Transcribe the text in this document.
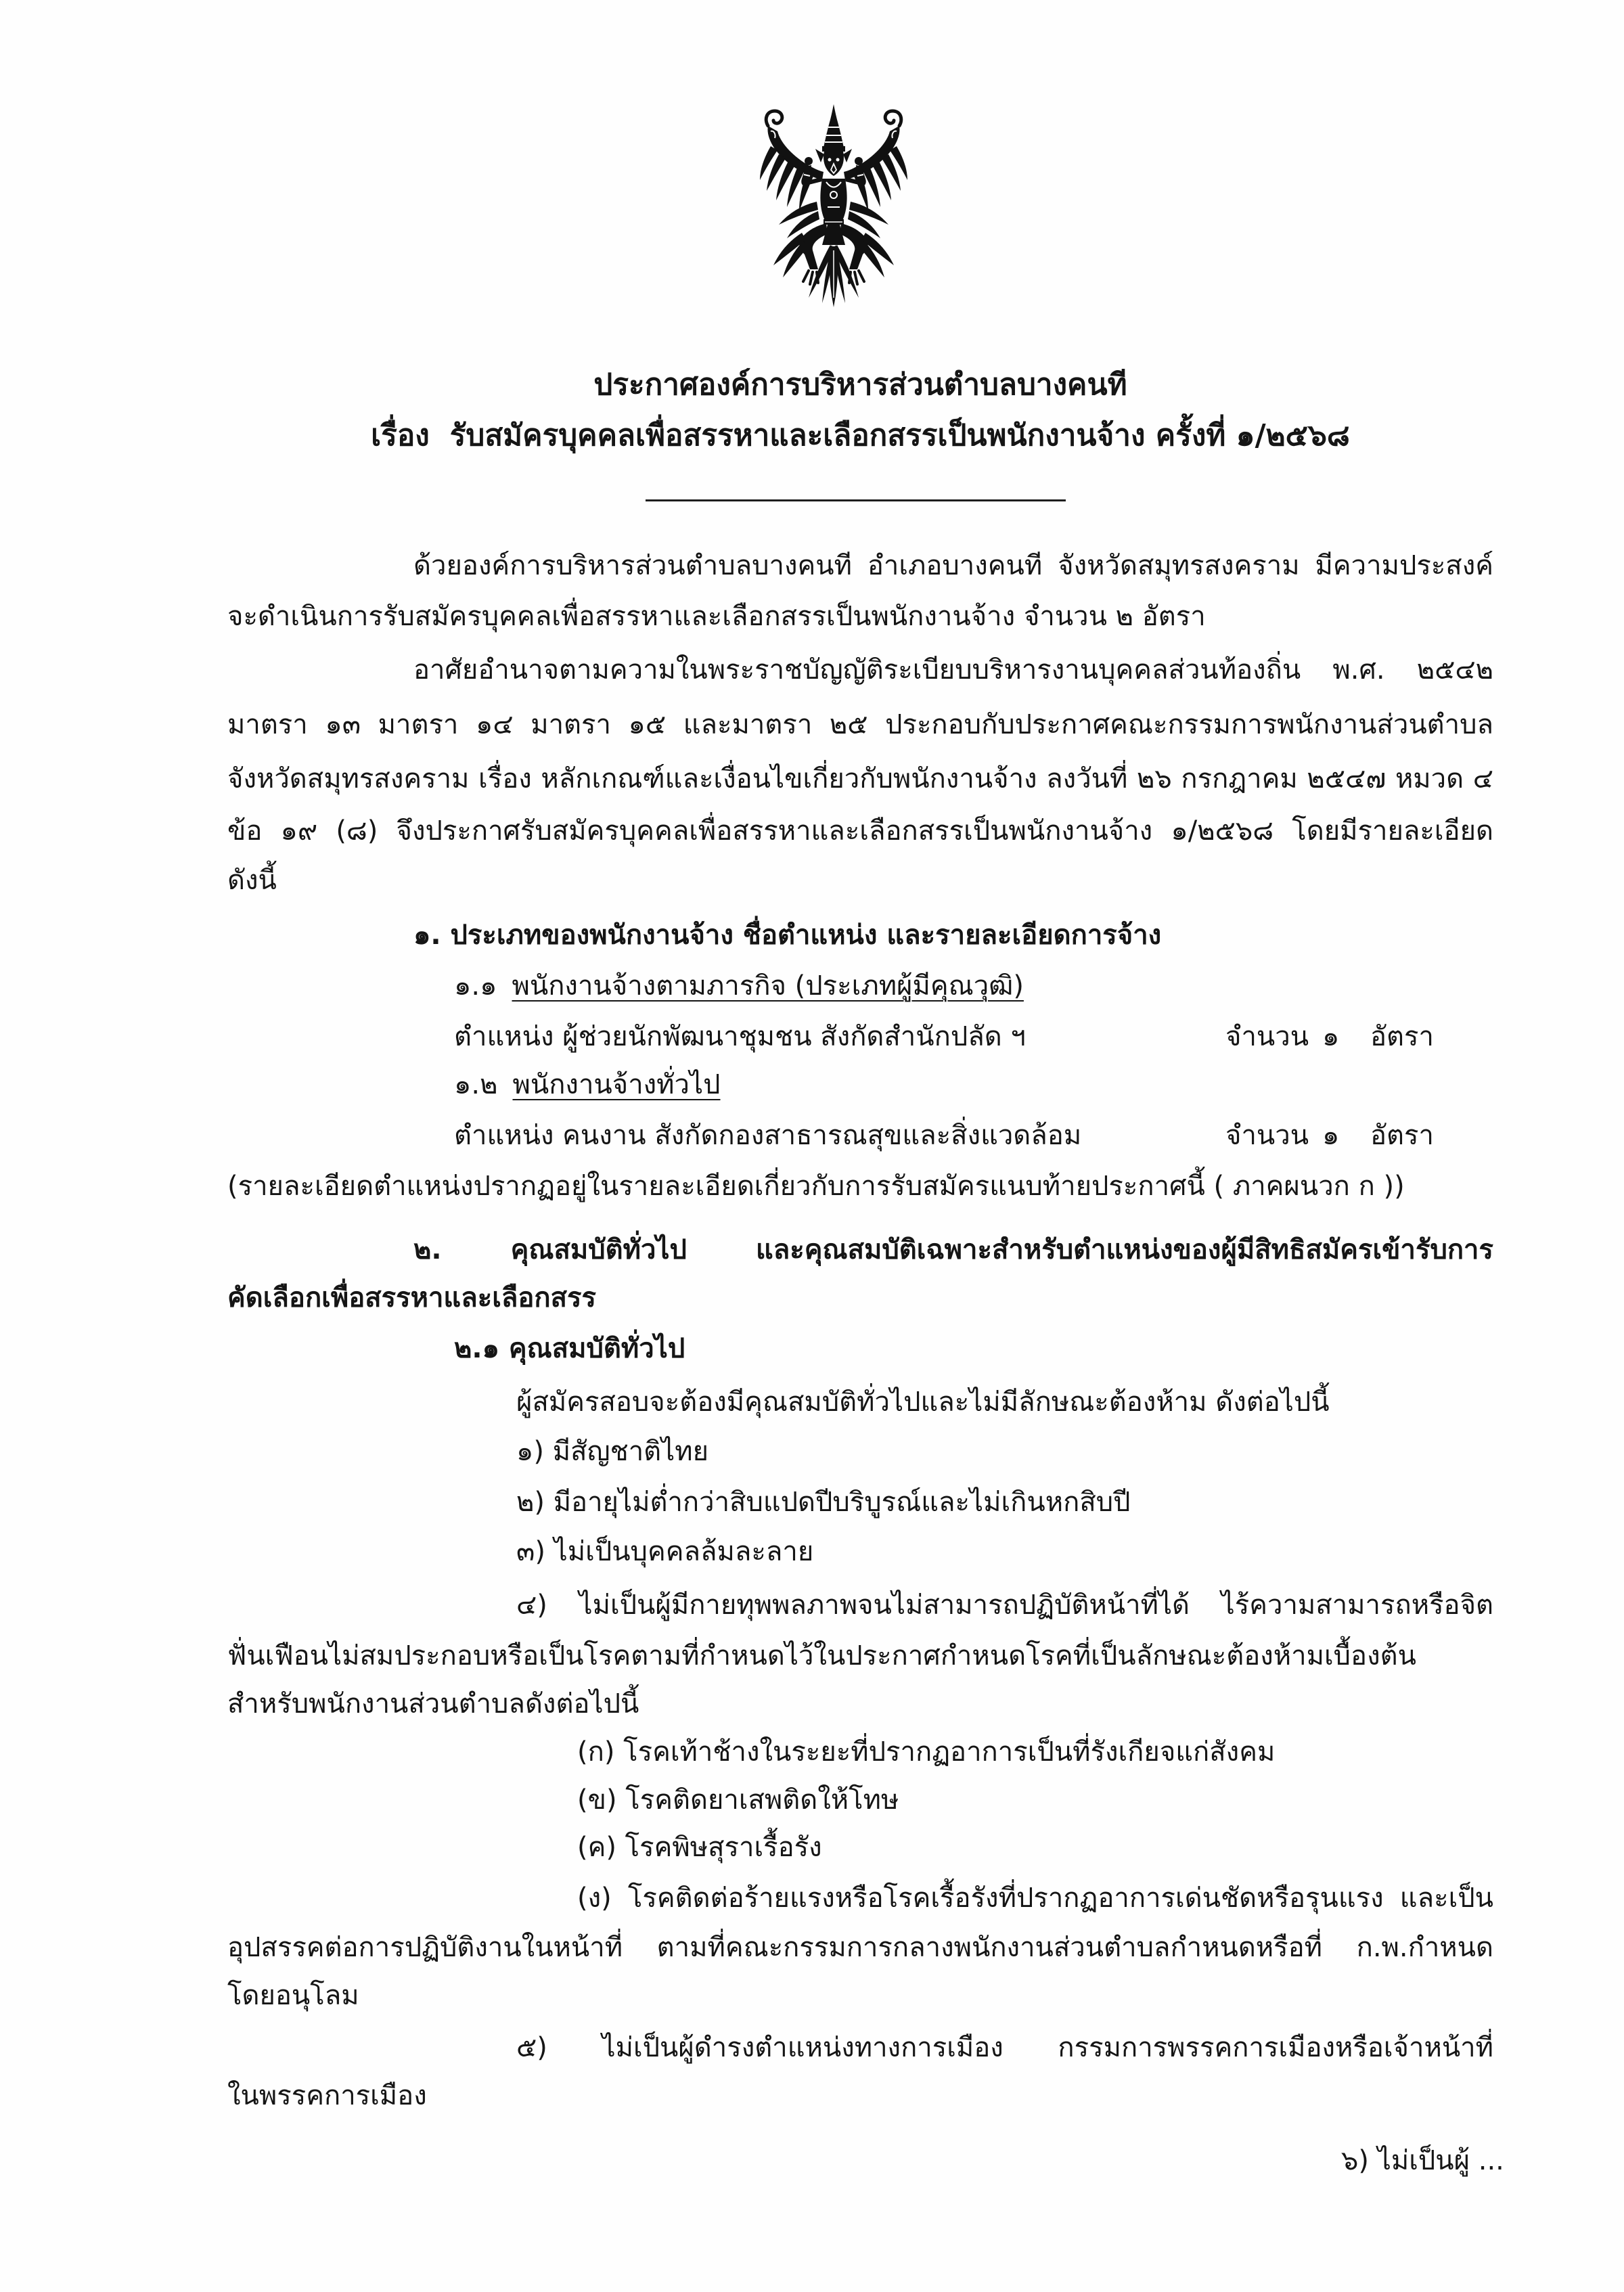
ประกาศองค์การบริหารส่วนตำบลบางคนที
เรื่อง รับสมัครบุคคลเพื่อสรรหาและเลือกสรรเป็นพนักงานจ้าง ครั้งที่ ๑/๒๕๖๘
ด้วยองค์การบริหารส่วนตำบลบางคนที อำเภอบางคนที จังหวัดสมุทรสงคราม มีความประสงค์
จะดำเนินการรับสมัครบุคคลเพื่อสรรหาและเลือกสรรเป็นพนักงานจ้าง จำนวน ๒ อัตรา
อาศัยอำนาจตามความในพระราชบัญญัติระเบียบบริหารงานบุคคลส่วนท้องถิ่น พ.ศ. ๒๕๔๒
มาตรา ๑๓ มาตรา ๑๔ มาตรา ๑๕ และมาตรา ๒๕ ประกอบกับประกาศคณะกรรมการพนักงานส่วนตำบล
จังหวัดสมุทรสงคราม เรื่อง หลักเกณฑ์และเงื่อนไขเกี่ยวกับพนักงานจ้าง ลงวันที่ ๒๖ กรกฎาคม ๒๕๔๗ หมวด ๔
ข้อ ๑๙ (๘) จึงประกาศรับสมัครบุคคลเพื่อสรรหาและเลือกสรรเป็นพนักงานจ้าง ๑/๒๕๖๘ โดยมีรายละเอียด
ดังนี้
๑. ประเภทของพนักงานจ้าง ชื่อตำแหน่ง และรายละเอียดการจ้าง
๑.๑ พนักงานจ้างตามภารกิจ (ประเภทผู้มีคุณวุฒิ)
ตำแหน่ง ผู้ช่วยนักพัฒนาชุมชน สังกัดสำนักปลัด ฯ	จำนวน ๑ อัตรา
๑.๒ พนักงานจ้างทั่วไป
ตำแหน่ง คนงาน สังกัดกองสาธารณสุขและสิ่งแวดล้อม	จำนวน ๑ อัตรา
(รายละเอียดตำแหน่งปรากฏอยู่ในรายละเอียดเกี่ยวกับการรับสมัครแนบท้ายประกาศนี้ ( ภาคผนวก ก ))
๒. คุณสมบัติทั่วไป และคุณสมบัติเฉพาะสำหรับตำแหน่งของผู้มีสิทธิสมัครเข้ารับการ
คัดเลือกเพื่อสรรหาและเลือกสรร
๒.๑ คุณสมบัติทั่วไป
ผู้สมัครสอบจะต้องมีคุณสมบัติทั่วไปและไม่มีลักษณะต้องห้าม ดังต่อไปนี้
๑) มีสัญชาติไทย
๒) มีอายุไม่ต่ำกว่าสิบแปดปีบริบูรณ์และไม่เกินหกสิบปี
๓) ไม่เป็นบุคคลล้มละลาย
๔) ไม่เป็นผู้มีกายทุพพลภาพจนไม่สามารถปฏิบัติหน้าที่ได้ ไร้ความสามารถหรือจิต
ฟั่นเฟือนไม่สมประกอบหรือเป็นโรคตามที่กำหนดไว้ในประกาศกำหนดโรคที่เป็นลักษณะต้องห้ามเบื้องต้น
สำหรับพนักงานส่วนตำบลดังต่อไปนี้
(ก) โรคเท้าช้างในระยะที่ปรากฏอาการเป็นที่รังเกียจแก่สังคม
(ข) โรคติดยาเสพติดให้โทษ
(ค) โรคพิษสุราเรื้อรัง
(ง) โรคติดต่อร้ายแรงหรือโรคเรื้อรังที่ปรากฏอาการเด่นชัดหรือรุนแรง และเป็น
อุปสรรคต่อการปฏิบัติงานในหน้าที่ ตามที่คณะกรรมการกลางพนักงานส่วนตำบลกำหนดหรือที่ ก.พ.กำหนด
โดยอนุโลม
๕) ไม่เป็นผู้ดำรงตำแหน่งทางการเมือง กรรมการพรรคการเมืองหรือเจ้าหน้าที่
ในพรรคการเมือง
๖) ไม่เป็นผู้ ...
